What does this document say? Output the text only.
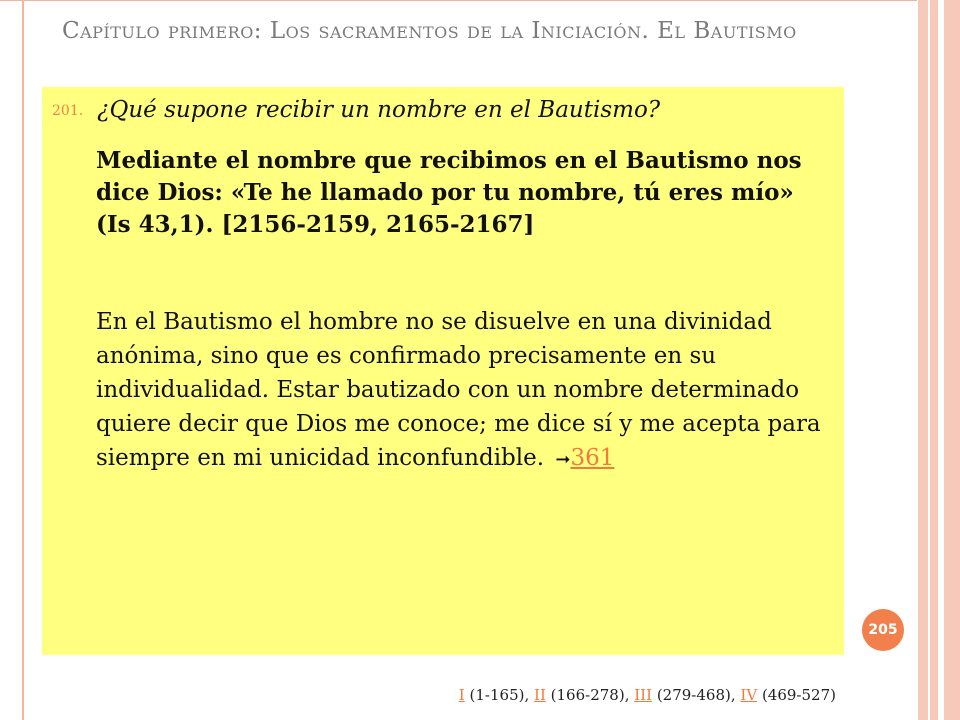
Capítulo primero: Los sacramentos de la Iniciación. El Bautismo
201. ¿Qué supone recibir un nombre en el Bautismo?

Mediante el nombre que recibimos en el Bautismo nos dice Dios: «Te he llamado por tu nombre, tú eres mío» (Is 43,1). [2156-2159, 2165-2167]

En el Bautismo el hombre no se disuelve en una divinidad anónima, sino que es confirmado precisamente en su individualidad. Estar bautizado con un nombre determinado quiere decir que Dios me conoce; me dice sí y me acepta para siempre en mi unicidad inconfundible. ➞361

205
I (1-165), II (166-278), III (279-468), IV (469-527)
